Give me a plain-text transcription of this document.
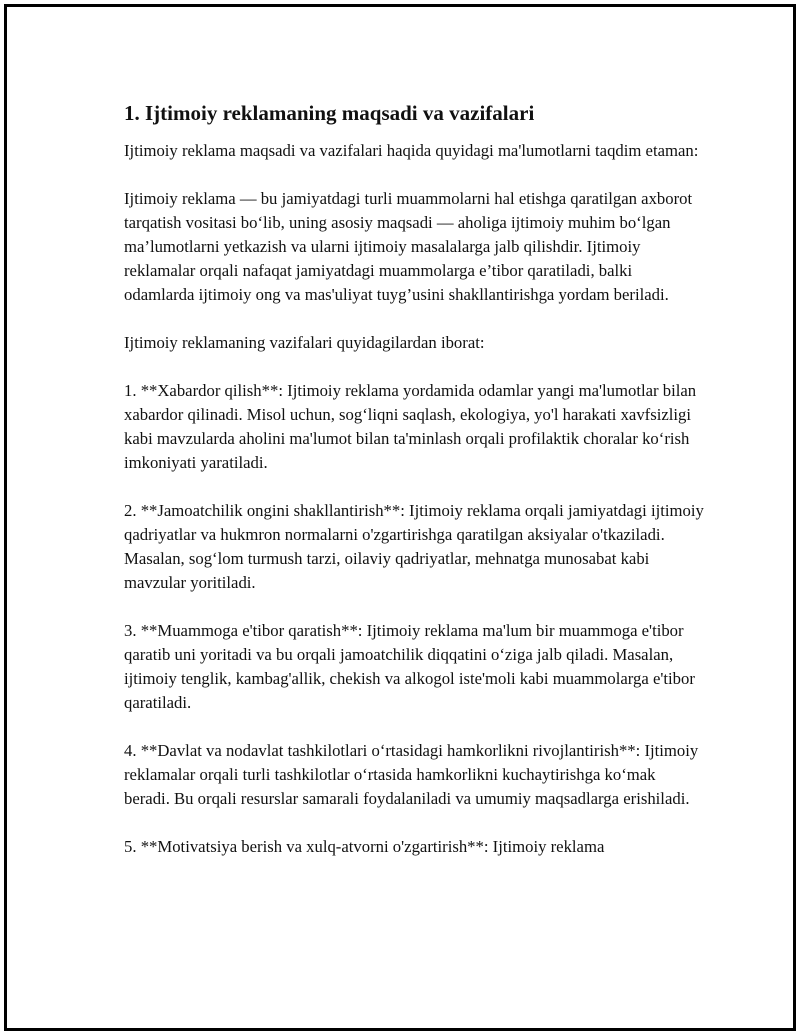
1. Ijtimoiy reklamaning maqsadi va vazifalari

Ijtimoiy reklama maqsadi va vazifalari haqida quyidagi ma'lumotlarni taqdim etaman:

Ijtimoiy reklama — bu jamiyatdagi turli muammolarni hal etishga qaratilgan axborot tarqatish vositasi bo‘lib, uning asosiy maqsadi — aholiga ijtimoiy muhim bo‘lgan ma’lumotlarni yetkazish va ularni ijtimoiy masalalarga jalb qilishdir. Ijtimoiy reklamalar orqali nafaqat jamiyatdagi muammolarga e’tibor qaratiladi, balki odamlarda ijtimoiy ong va mas'uliyat tuyg’usini shakllantirishga yordam beriladi.

Ijtimoiy reklamaning vazifalari quyidagilardan iborat:

1. **Xabardor qilish**: Ijtimoiy reklama yordamida odamlar yangi ma'lumotlar bilan xabardor qilinadi. Misol uchun, sog‘liqni saqlash, ekologiya, yo'l harakati xavfsizligi kabi mavzularda aholini ma'lumot bilan ta'minlash orqali profilaktik choralar ko‘rish imkoniyati yaratiladi.

2. **Jamoatchilik ongini shakllantirish**: Ijtimoiy reklama orqali jamiyatdagi ijtimoiy qadriyatlar va hukmron normalarni o'zgartirishga qaratilgan aksiyalar o'tkaziladi. Masalan, sog‘lom turmush tarzi, oilaviy qadriyatlar, mehnatga munosabat kabi mavzular yoritiladi.

3. **Muammoga e'tibor qaratish**: Ijtimoiy reklama ma'lum bir muammoga e'tibor qaratib uni yoritadi va bu orqali jamoatchilik diqqatini o‘ziga jalb qiladi. Masalan, ijtimoiy tenglik, kambag'allik, chekish va alkogol iste'moli kabi muammolarga e'tibor qaratiladi.

4. **Davlat va nodavlat tashkilotlari o‘rtasidagi hamkorlikni rivojlantirish**: Ijtimoiy reklamalar orqali turli tashkilotlar o‘rtasida hamkorlikni kuchaytirishga ko‘mak beradi. Bu orqali resurslar samarali foydalaniladi va umumiy maqsadlarga erishiladi.

5. **Motivatsiya berish va xulq-atvorni o'zgartirish**: Ijtimoiy reklama
